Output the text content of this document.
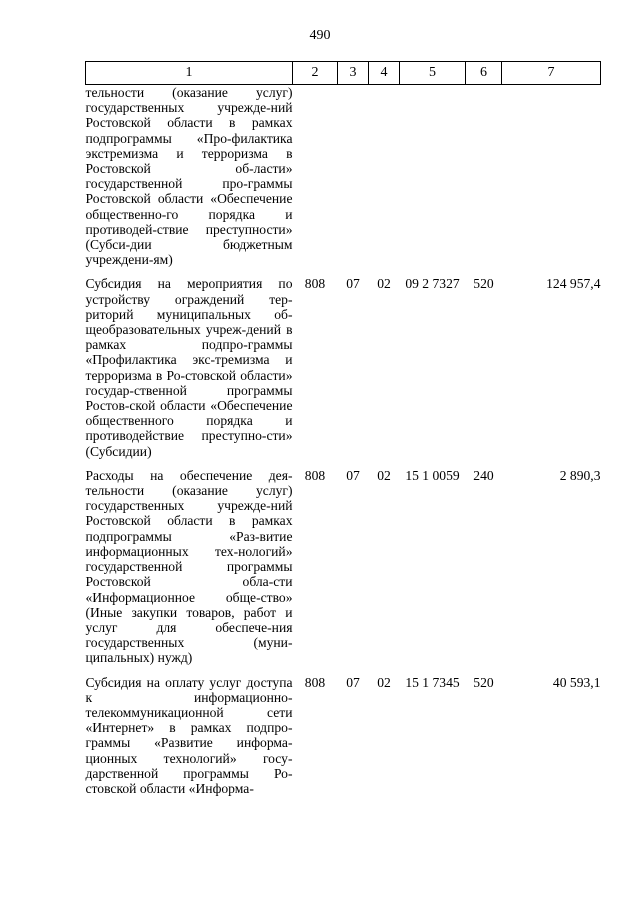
490
1	2	3	4	5	6	7
тельности (оказание услуг) государственных учрежде-ний Ростовской области в рамках подпрограммы «Про-филактика экстремизма и терроризма в Ростовской об-ласти» государственной про-граммы Ростовской области «Обеспечение общественно-го порядка и противодей-ствие преступности» (Субси-дии бюджетным учреждени-ям)						
Субсидия на мероприятия по устройству ограждений тер-риторий муниципальных об-щеобразовательных учреж-дений в рамках подпро-граммы «Профилактика экс-тремизма и терроризма в Ро-стовской области» государ-ственной программы Ростов-ской области «Обеспечение общественного порядка и противодействие преступно-сти» (Субсидии)	808	07	02	09 2 7327	520	124 957,4
Расходы на обеспечение дея-тельности (оказание услуг) государственных учрежде-ний Ростовской области в рамках подпрограммы «Раз-витие информационных тех-нологий» государственной программы Ростовской обла-сти «Информационное обще-ство» (Иные закупки товаров, работ и услуг для обеспече-ния государственных (муни-ципальных) нужд)	808	07	02	15 1 0059	240	2 890,3
Субсидия на оплату услуг доступа к информационно-телекоммуникационной сети «Интернет» в рамках подпро-граммы «Развитие информа-ционных технологий» госу-дарственной программы Ро-стовской области «Информа-	808	07	02	15 1 7345	520	40 593,1
